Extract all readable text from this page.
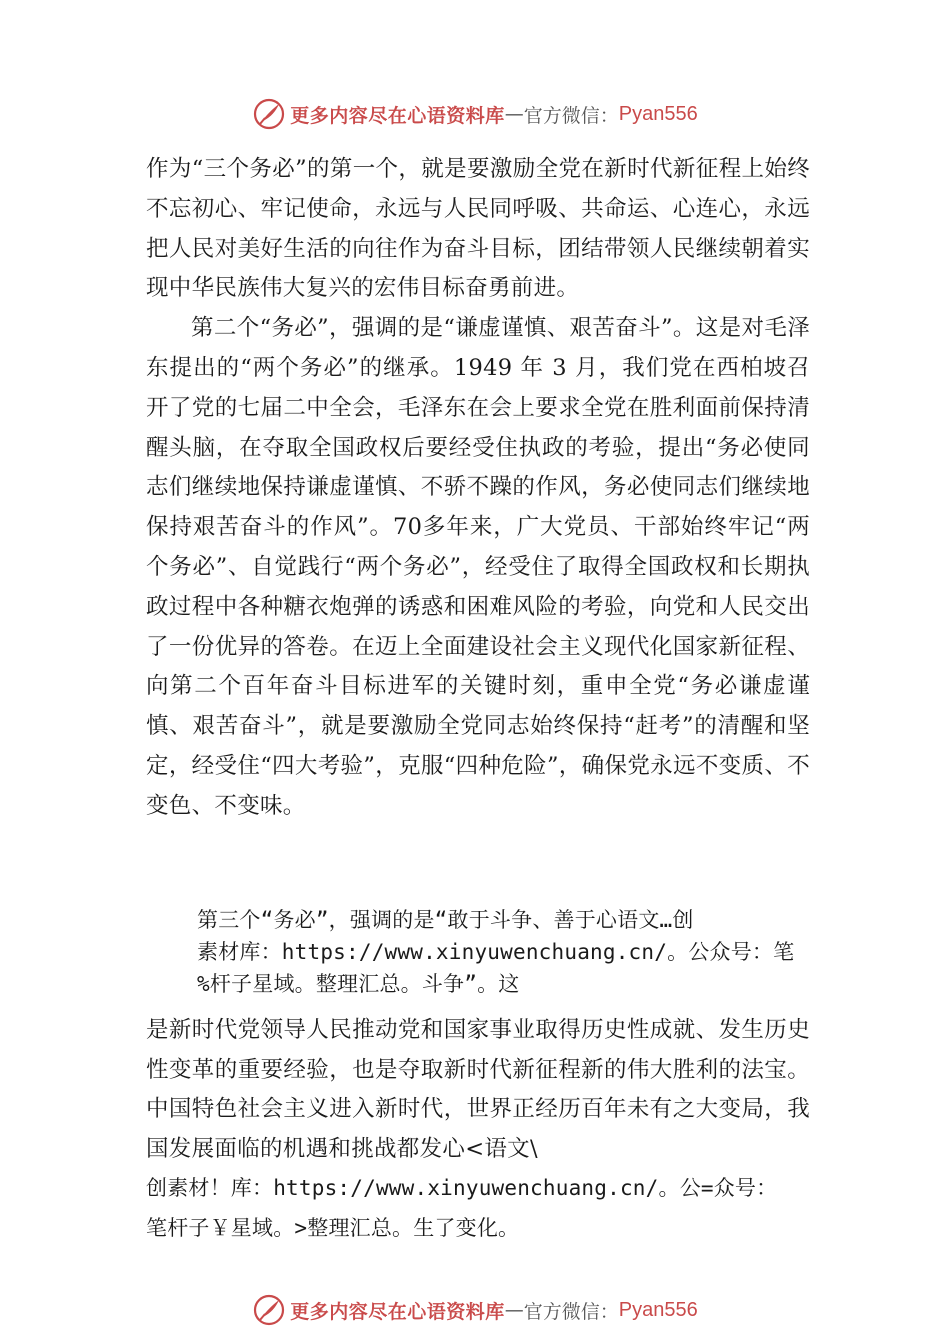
更多内容尽在心语资料库 — 官方微信： Pyan556

作为“三个务必”的第一个，就是要激励全党在新时代新征程上始终不忘初心、牢记使命，永远与人民同呼吸、共命运、心连心，永远把人民对美好生活的向往作为奋斗目标，团结带领人民继续朝着实现中华民族伟大复兴的宏伟目标奋勇前进。

第二个“务必”，强调的是“谦虚谨慎、艰苦奋斗”。这是对毛泽东提出的“两个务必”的继承。1949 年 3 月，我们党在西柏坡召开了党的七届二中全会，毛泽东在会上要求全党在胜利面前保持清醒头脑，在夺取全国政权后要经受住执政的考验，提出“务必使同志们继续地保持谦虚谨慎、不骄不躁的作风，务必使同志们继续地保持艰苦奋斗的作风”。70多年来，广大党员、干部始终牢记“两个务必”、自觉践行“两个务必”，经受住了取得全国政权和长期执政过程中各种糖衣炮弹的诱惑和困难风险的考验，向党和人民交出了一份优异的答卷。在迈上全面建设社会主义现代化国家新征程、向第二个百年奋斗目标进军的关键时刻，重申全党“务必谦虚谨慎、艰苦奋斗”，就是要激励全党同志始终保持“赶考”的清醒和坚定，经受住“四大考验”，克服“四种危险”，确保党永远不变质、不变色、不变味。

第三个“务必”，强调的是“敢于斗争、善于心语文…创
素材库：https://www.xinyuwenchuang.cn/。公众号：笔
%杆子星域。整理汇总。斗争”。这

是新时代党领导人民推动党和国家事业取得历史性成就、发生历史性变革的重要经验，也是夺取新时代新征程新的伟大胜利的法宝。中国特色社会主义进入新时代，世界正经历百年未有之大变局，我国发展面临的机遇和挑战都发心<语文\

创素材！库：https://www.xinyuwenchuang.cn/。公=众号：
笔杆子￥星域。>整理汇总。生了变化。
更多内容尽在心语资料库 — 官方微信： Pyan556
